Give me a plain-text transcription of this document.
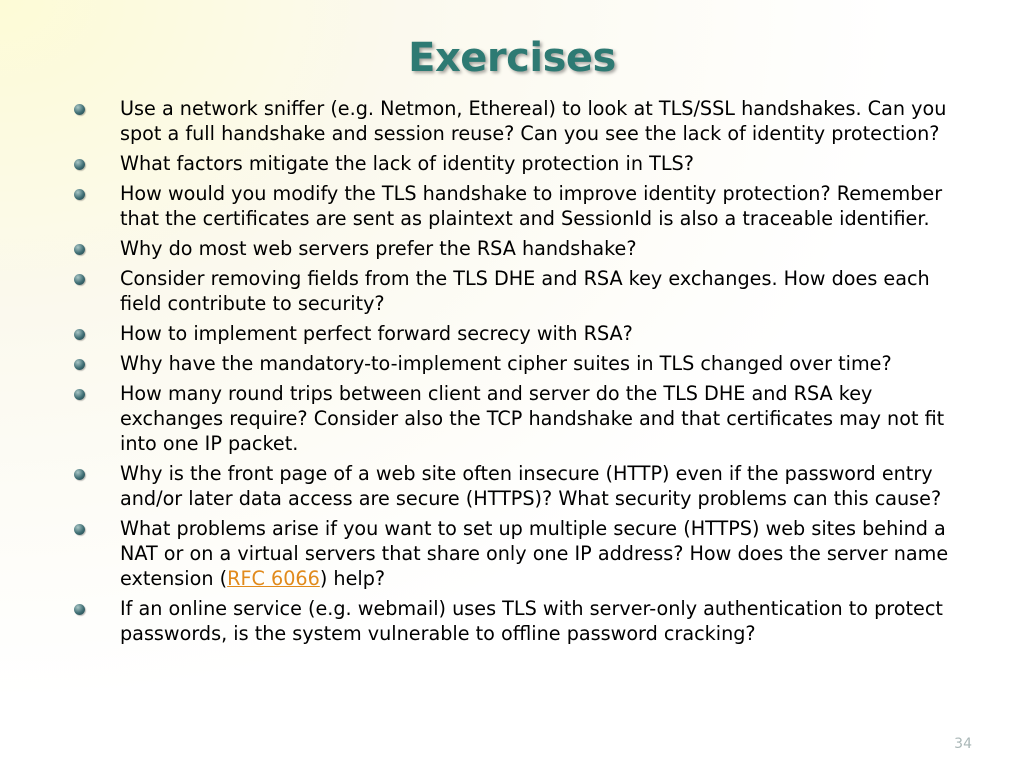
Exercises
Use a network sniffer (e.g. Netmon, Ethereal) to look at TLS/SSL handshakes. Can you spot a full handshake and session reuse? Can you see the lack of identity protection?
What factors mitigate the lack of identity protection in TLS?
How would you modify the TLS handshake to improve identity protection? Remember that the certificates are sent as plaintext and SessionId is also a traceable identifier.
Why do most web servers prefer the RSA handshake?
Consider removing fields from the TLS DHE and RSA key exchanges. How does each field contribute to security?
How to implement perfect forward secrecy with RSA?
Why have the mandatory-to-implement cipher suites in TLS changed over time?
How many round trips between client and server do the TLS DHE and RSA key exchanges require? Consider also the TCP handshake and that certificates may not fit into one IP packet.
Why is the front page of a web site often insecure (HTTP) even if the password entry and/or later data access are secure (HTTPS)? What security problems can this cause?
What problems arise if you want to set up multiple secure (HTTPS) web sites behind a NAT or on a virtual servers that share only one IP address? How does the server name extension (RFC 6066) help?
If an online service (e.g. webmail) uses TLS with server-only authentication to protect passwords, is the system vulnerable to offline password cracking?
34
